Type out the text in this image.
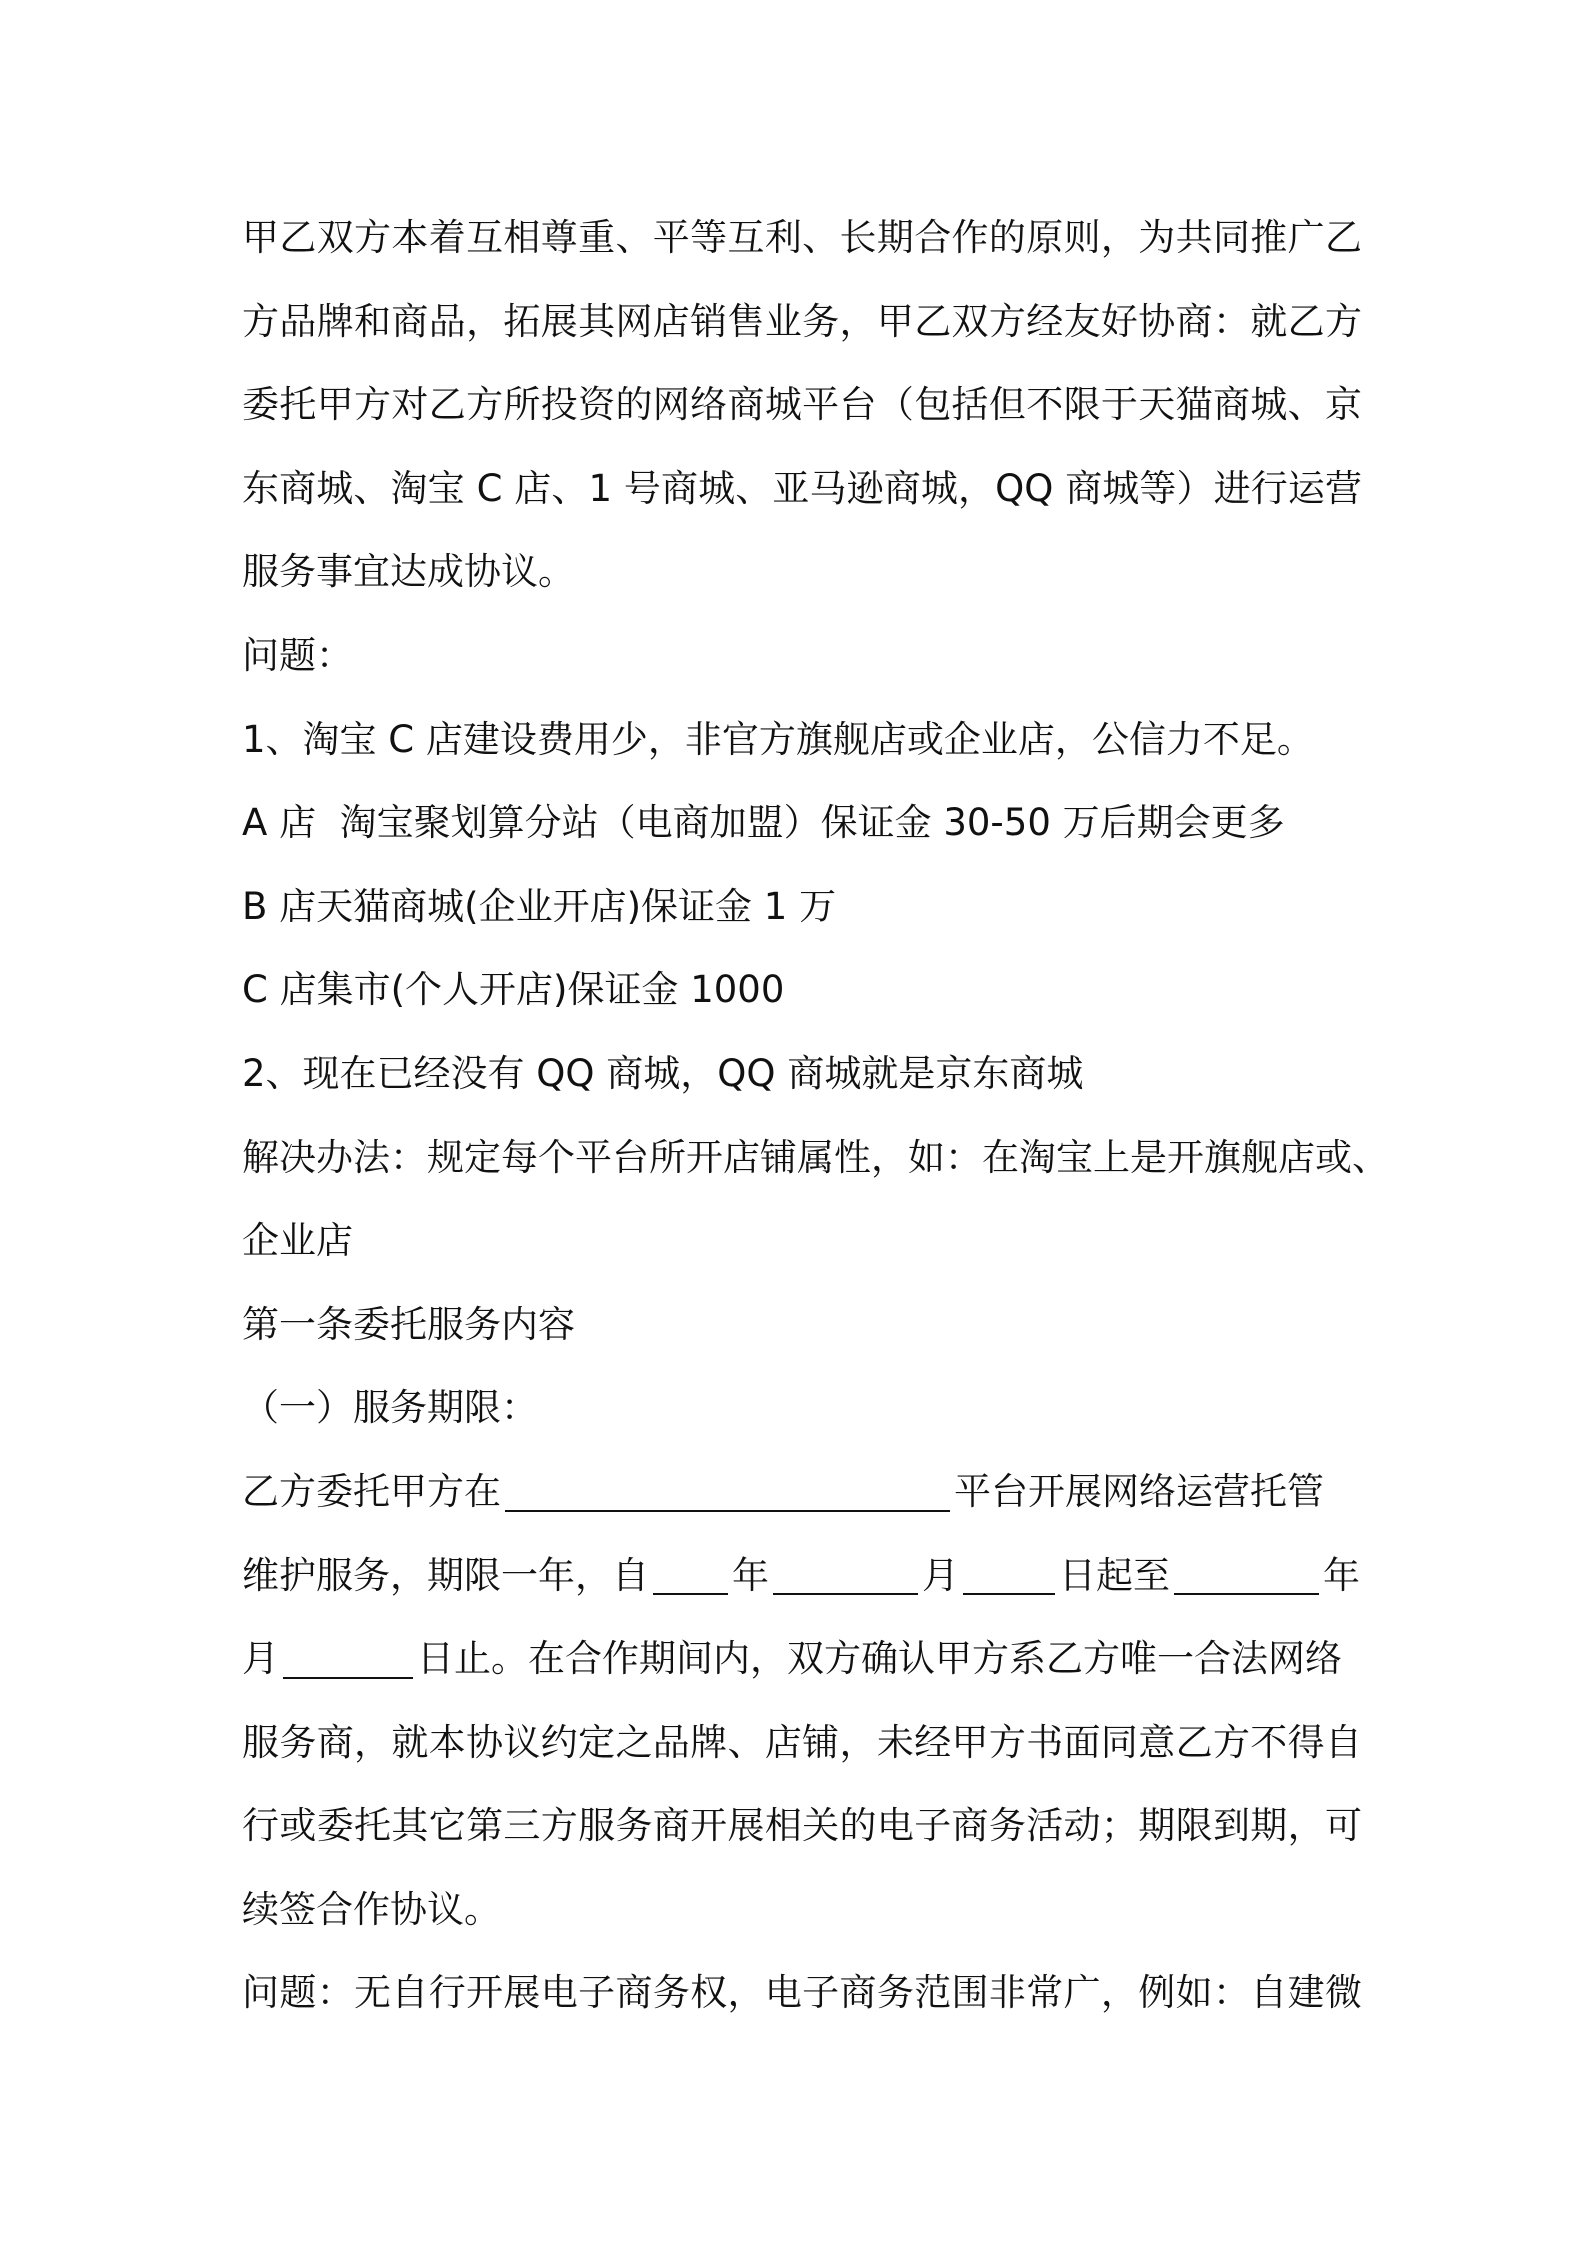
甲乙双方本着互相尊重、平等互利、长期合作的原则，为共同推广乙
方品牌和商品，拓展其网店销售业务，甲乙双方经友好协商：就乙方
委托甲方对乙方所投资的网络商城平台（包括但不限于天猫商城、京
东商城、淘宝 C 店、1 号商城、亚马逊商城，QQ 商城等）进行运营
服务事宜达成协议。
问题：
1、淘宝 C 店建设费用少，非官方旗舰店或企业店，公信力不足。
A 店  淘宝聚划算分站（电商加盟）保证金 30-50 万后期会更多
B 店天猫商城(企业开店)保证金 1 万
C 店集市(个人开店)保证金 1000
2、现在已经没有 QQ 商城，QQ 商城就是京东商城
解决办法：规定每个平台所开店铺属性，如：在淘宝上是开旗舰店或、
企业店
第一条委托服务内容
（一）服务期限：
乙方委托甲方在	平台开展网络运营托管
维护服务，期限一年，自 年	月	日起至	年
月	日止。在合作期间内，双方确认甲方系乙方唯一合法网络
服务商，就本协议约定之品牌、店铺，未经甲方书面同意乙方不得自
行或委托其它第三方服务商开展相关的电子商务活动；期限到期，可
续签合作协议。
问题：无自行开展电子商务权，电子商务范围非常广，例如：自建微
